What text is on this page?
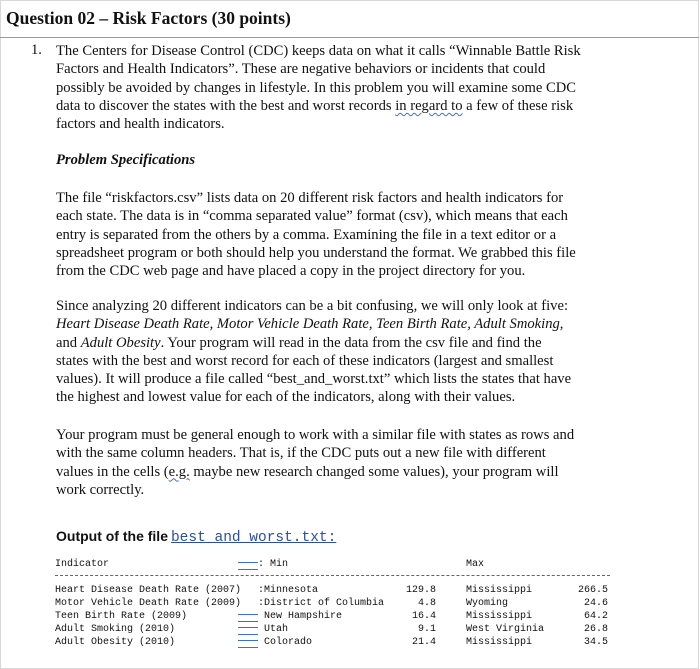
Question 02 – Risk Factors (30 points)
1. The Centers for Disease Control (CDC) keeps data on what it calls “Winnable Battle Risk
Factors and Health Indicators”. These are negative behaviors or incidents that could
possibly be avoided by changes in lifestyle. In this problem you will examine some CDC
data to discover the states with the best and worst records in regard to a few of these risk
factors and health indicators.
Problem Specifications
The file “riskfactors.csv” lists data on 20 different risk factors and health indicators for
each state. The data is in “comma separated value” format (csv), which means that each
entry is separated from the others by a comma. Examining the file in a text editor or a
spreadsheet program or both should help you understand the format. We grabbed this file
from the CDC web page and have placed a copy in the project directory for you.
Since analyzing 20 different indicators can be a bit confusing, we will only look at five:
Heart Disease Death Rate, Motor Vehicle Death Rate, Teen Birth Rate, Adult Smoking,
and Adult Obesity. Your program will read in the data from the csv file and find the
states with the best and worst record for each of these indicators (largest and smallest
values). It will produce a file called “best_and_worst.txt” which lists the states that have
the highest and lowest value for each of the indicators, along with their values.
Your program must be general enough to work with a similar file with states as rows and
with the same column headers. That is, if the CDC puts out a new file with different
values in the cells (e.g. maybe new research changed some values), your program will
work correctly.
Output of the file best_and_worst.txt:
Indicator	: Min	Max
Heart Disease Death Rate (2007) : Minnesota	129.8	Mississippi	266.5
Motor Vehicle Death Rate (2009) : District of Columbia	4.8	Wyoming	24.6
Teen Birth Rate (2009)	New Hampshire	16.4	Mississippi	64.2
Adult Smoking (2010)	Utah	9.1	West Virginia	26.8
Adult Obesity (2010)	Colorado	21.4	Mississippi	34.5
